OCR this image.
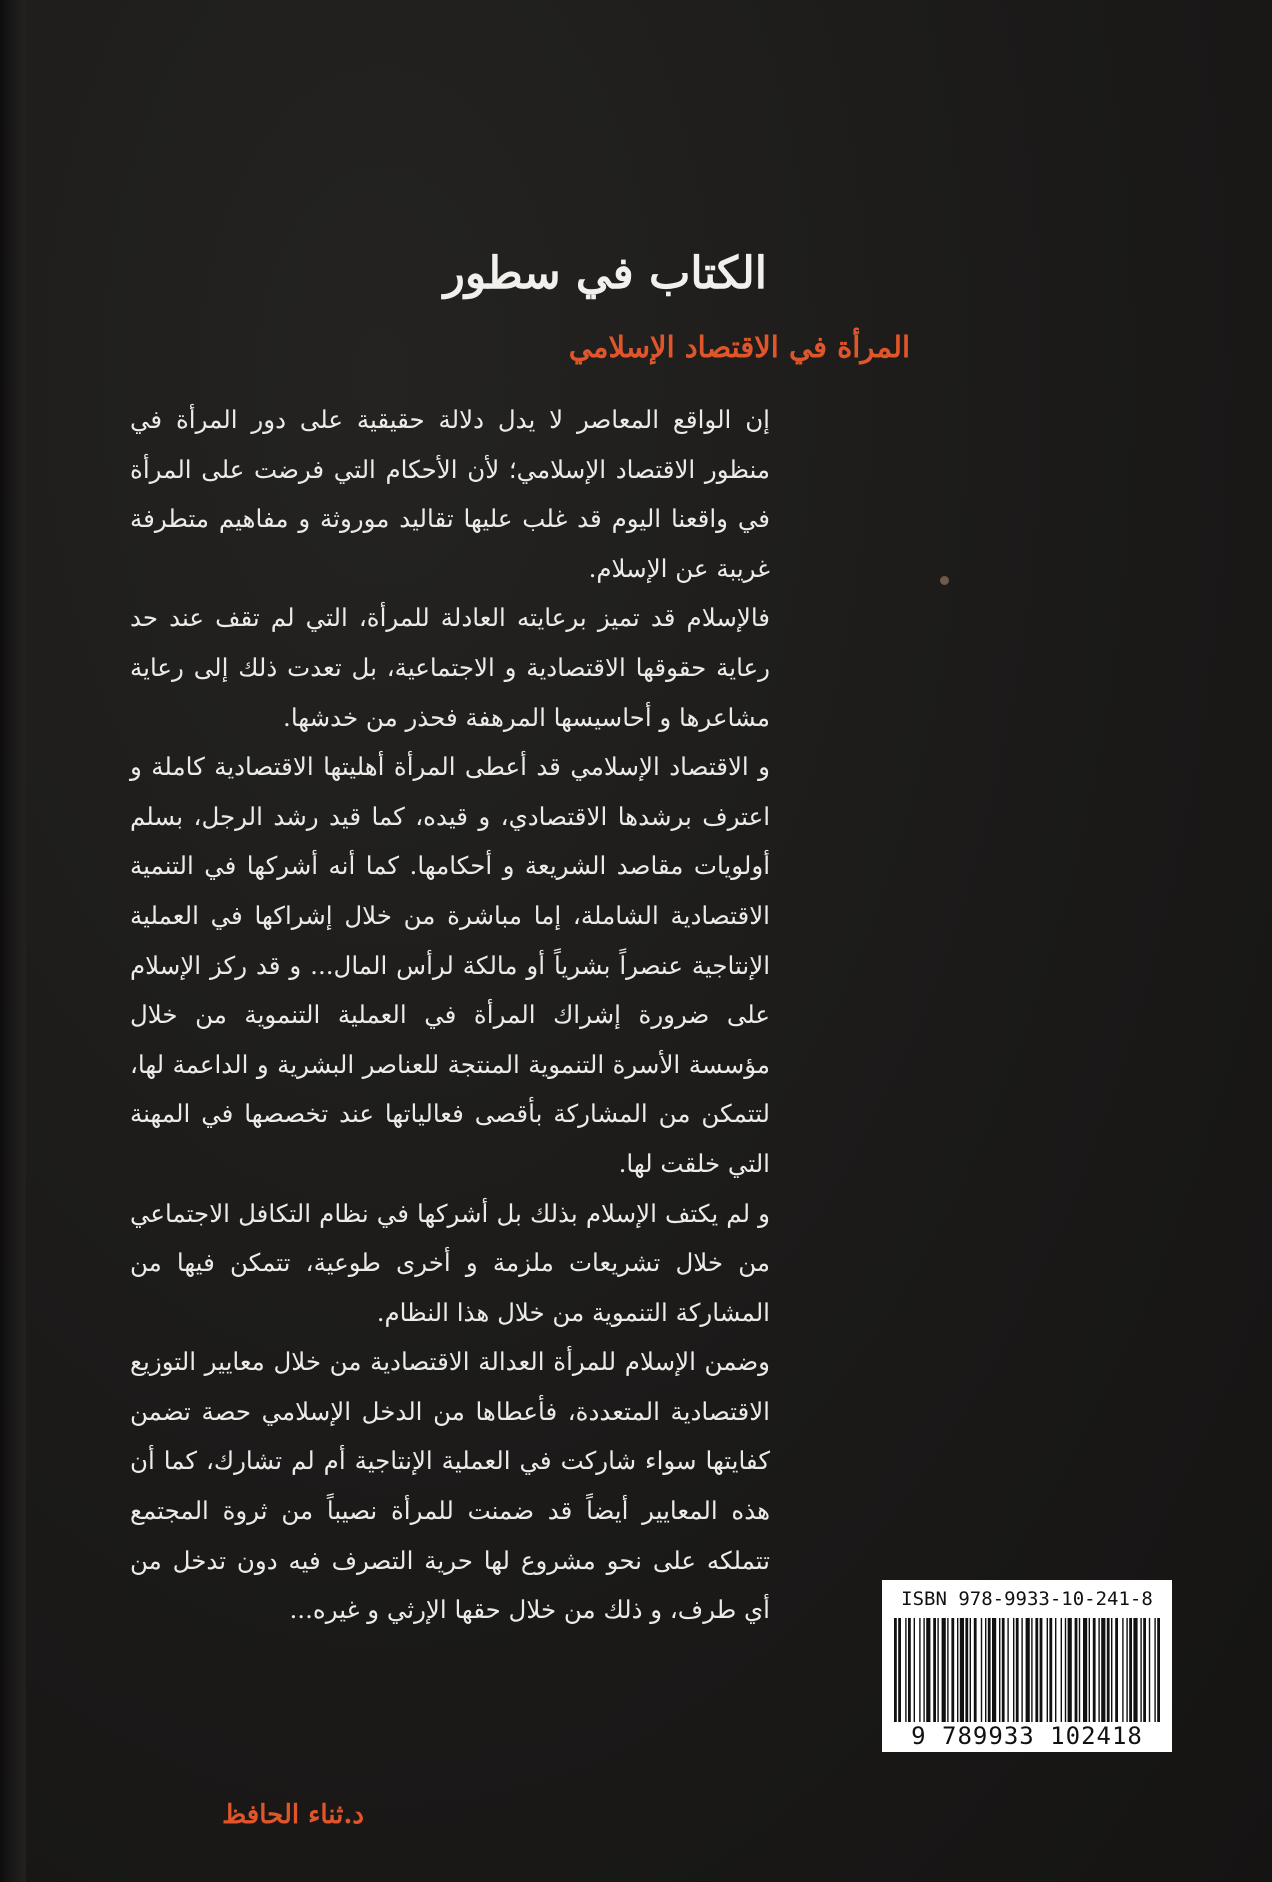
الكتاب في سطور
المرأة في الاقتصاد الإسلامي

إن الواقع المعاصر لا يدل دلالة حقيقية على دور المرأة في منظور الاقتصاد الإسلامي؛ لأن الأحكام التي فرضت على المرأة في واقعنا اليوم قد غلب عليها تقاليد موروثة و مفاهيم متطرفة غريبة عن الإسلام.

فالإسلام قد تميز برعايته العادلة للمرأة، التي لم تقف عند حد رعاية حقوقها الاقتصادية و الاجتماعية، بل تعدت ذلك إلى رعاية مشاعرها و أحاسيسها المرهفة فحذر من خدشها.

و الاقتصاد الإسلامي قد أعطى المرأة أهليتها الاقتصادية كاملة و اعترف برشدها الاقتصادي، و قيده، كما قيد رشد الرجل، بسلم أولويات مقاصد الشريعة و أحكامها. كما أنه أشركها في التنمية الاقتصادية الشاملة، إما مباشرة من خلال إشراكها في العملية الإنتاجية عنصراً بشرياً أو مالكة لرأس المال... و قد ركز الإسلام على ضرورة إشراك المرأة في العملية التنموية من خلال مؤسسة الأسرة التنموية المنتجة للعناصر البشرية و الداعمة لها، لتتمكن من المشاركة بأقصى فعالياتها عند تخصصها في المهنة التي خلقت لها.

و لم يكتف الإسلام بذلك بل أشركها في نظام التكافل الاجتماعي من خلال تشريعات ملزمة و أخرى طوعية، تتمكن فيها من المشاركة التنموية من خلال هذا النظام.

وضمن الإسلام للمرأة العدالة الاقتصادية من خلال معايير التوزيع الاقتصادية المتعددة، فأعطاها من الدخل الإسلامي حصة تضمن كفايتها سواء شاركت في العملية الإنتاجية أم لم تشارك، كما أن هذه المعايير أيضاً قد ضمنت للمرأة نصيباً من ثروة المجتمع تتملكه على نحو مشروع لها حرية التصرف فيه دون تدخل من أي طرف، و ذلك من خلال حقها الإرثي و غيره...

د.ثناء الحافظ
ISBN 978-9933-10-241-8
9 789933 102418
